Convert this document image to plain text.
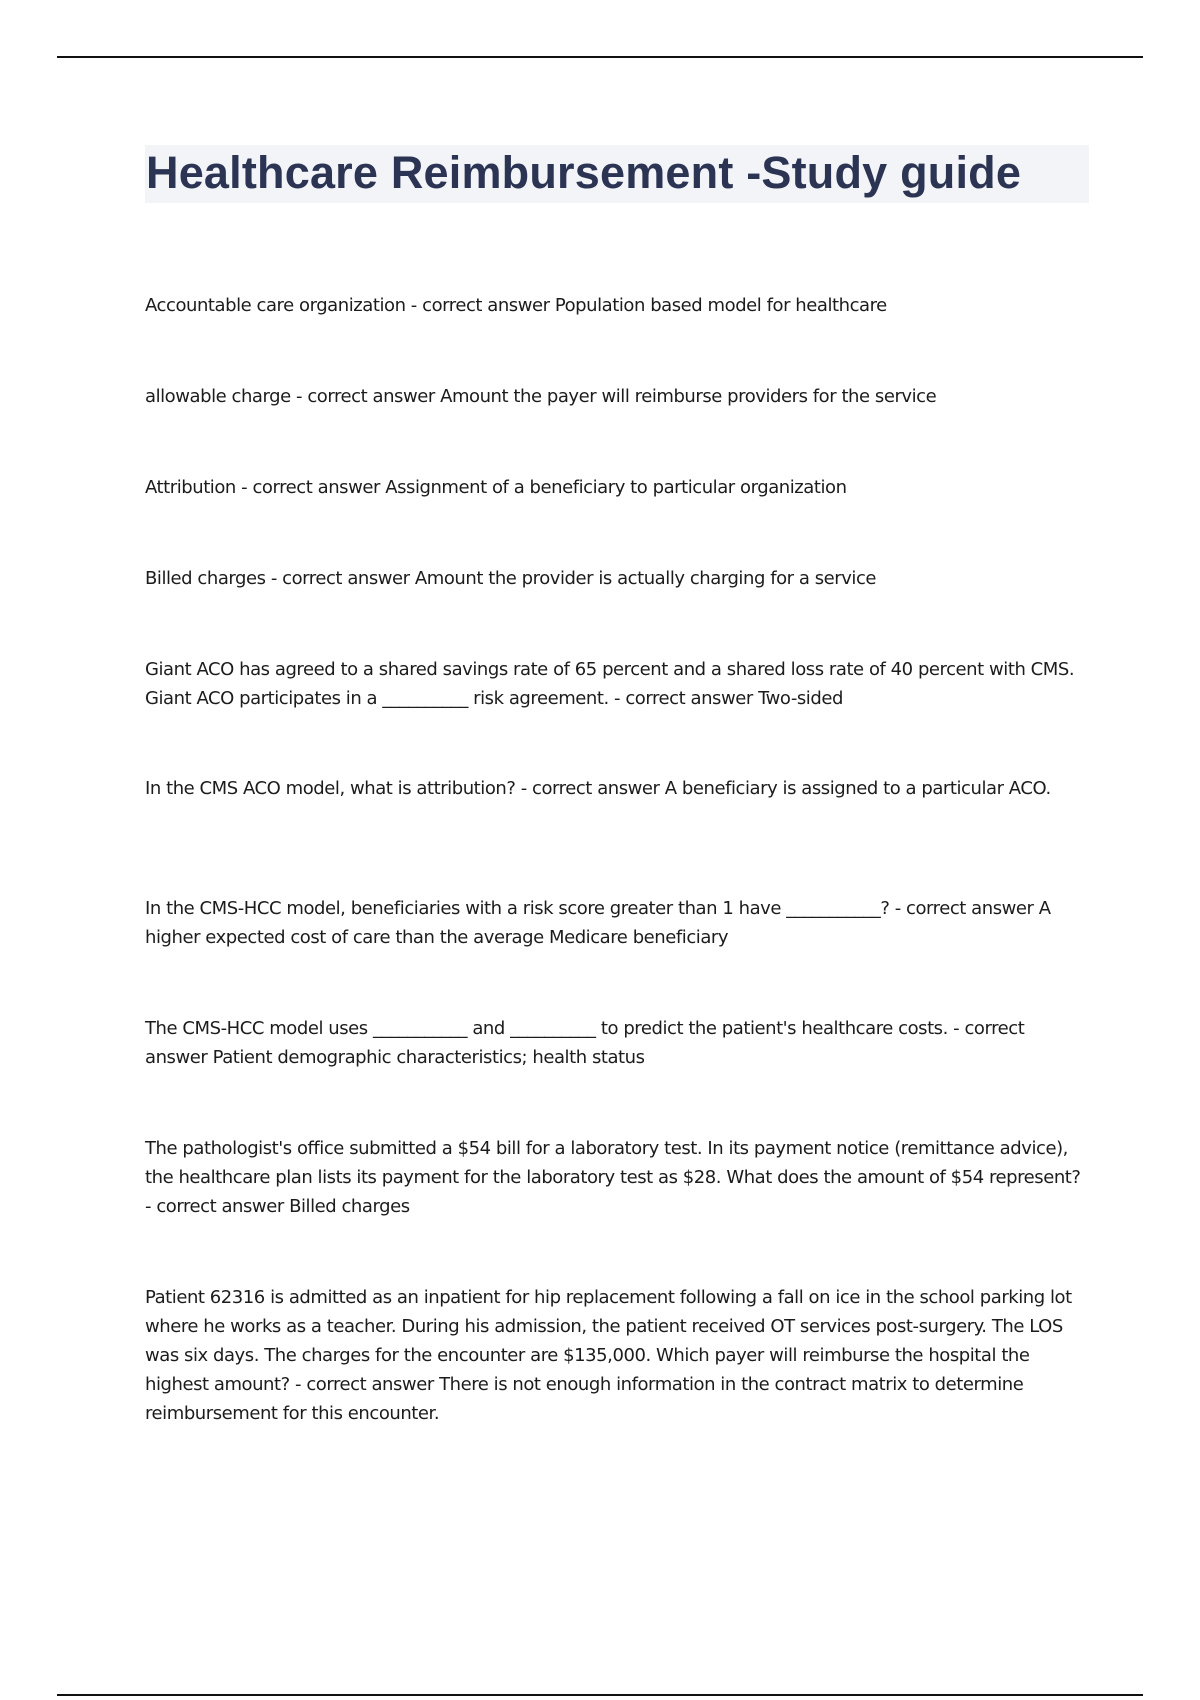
Healthcare Reimbursement -Study guide

Accountable care organization - correct answer Population based model for healthcare

allowable charge - correct answer Amount the payer will reimburse providers for the service

Attribution - correct answer Assignment of a beneficiary to particular organization

Billed charges - correct answer Amount the provider is actually charging for a service

Giant ACO has agreed to a shared savings rate of 65 percent and a shared loss rate of 40 percent with CMS. Giant ACO participates in a __________ risk agreement. - correct answer Two-sided

In the CMS ACO model, what is attribution? - correct answer A beneficiary is assigned to a particular ACO.

In the CMS-HCC model, beneficiaries with a risk score greater than 1 have ___________? - correct answer A higher expected cost of care than the average Medicare beneficiary

The CMS-HCC model uses ___________ and __________ to predict the patient's healthcare costs. - correct answer Patient demographic characteristics; health status

The pathologist's office submitted a $54 bill for a laboratory test. In its payment notice (remittance advice), the healthcare plan lists its payment for the laboratory test as $28. What does the amount of $54 represent? - correct answer Billed charges

Patient 62316 is admitted as an inpatient for hip replacement following a fall on ice in the school parking lot where he works as a teacher. During his admission, the patient received OT services post-surgery. The LOS was six days. The charges for the encounter are $135,000. Which payer will reimburse the hospital the highest amount? - correct answer There is not enough information in the contract matrix to determine reimbursement for this encounter.
